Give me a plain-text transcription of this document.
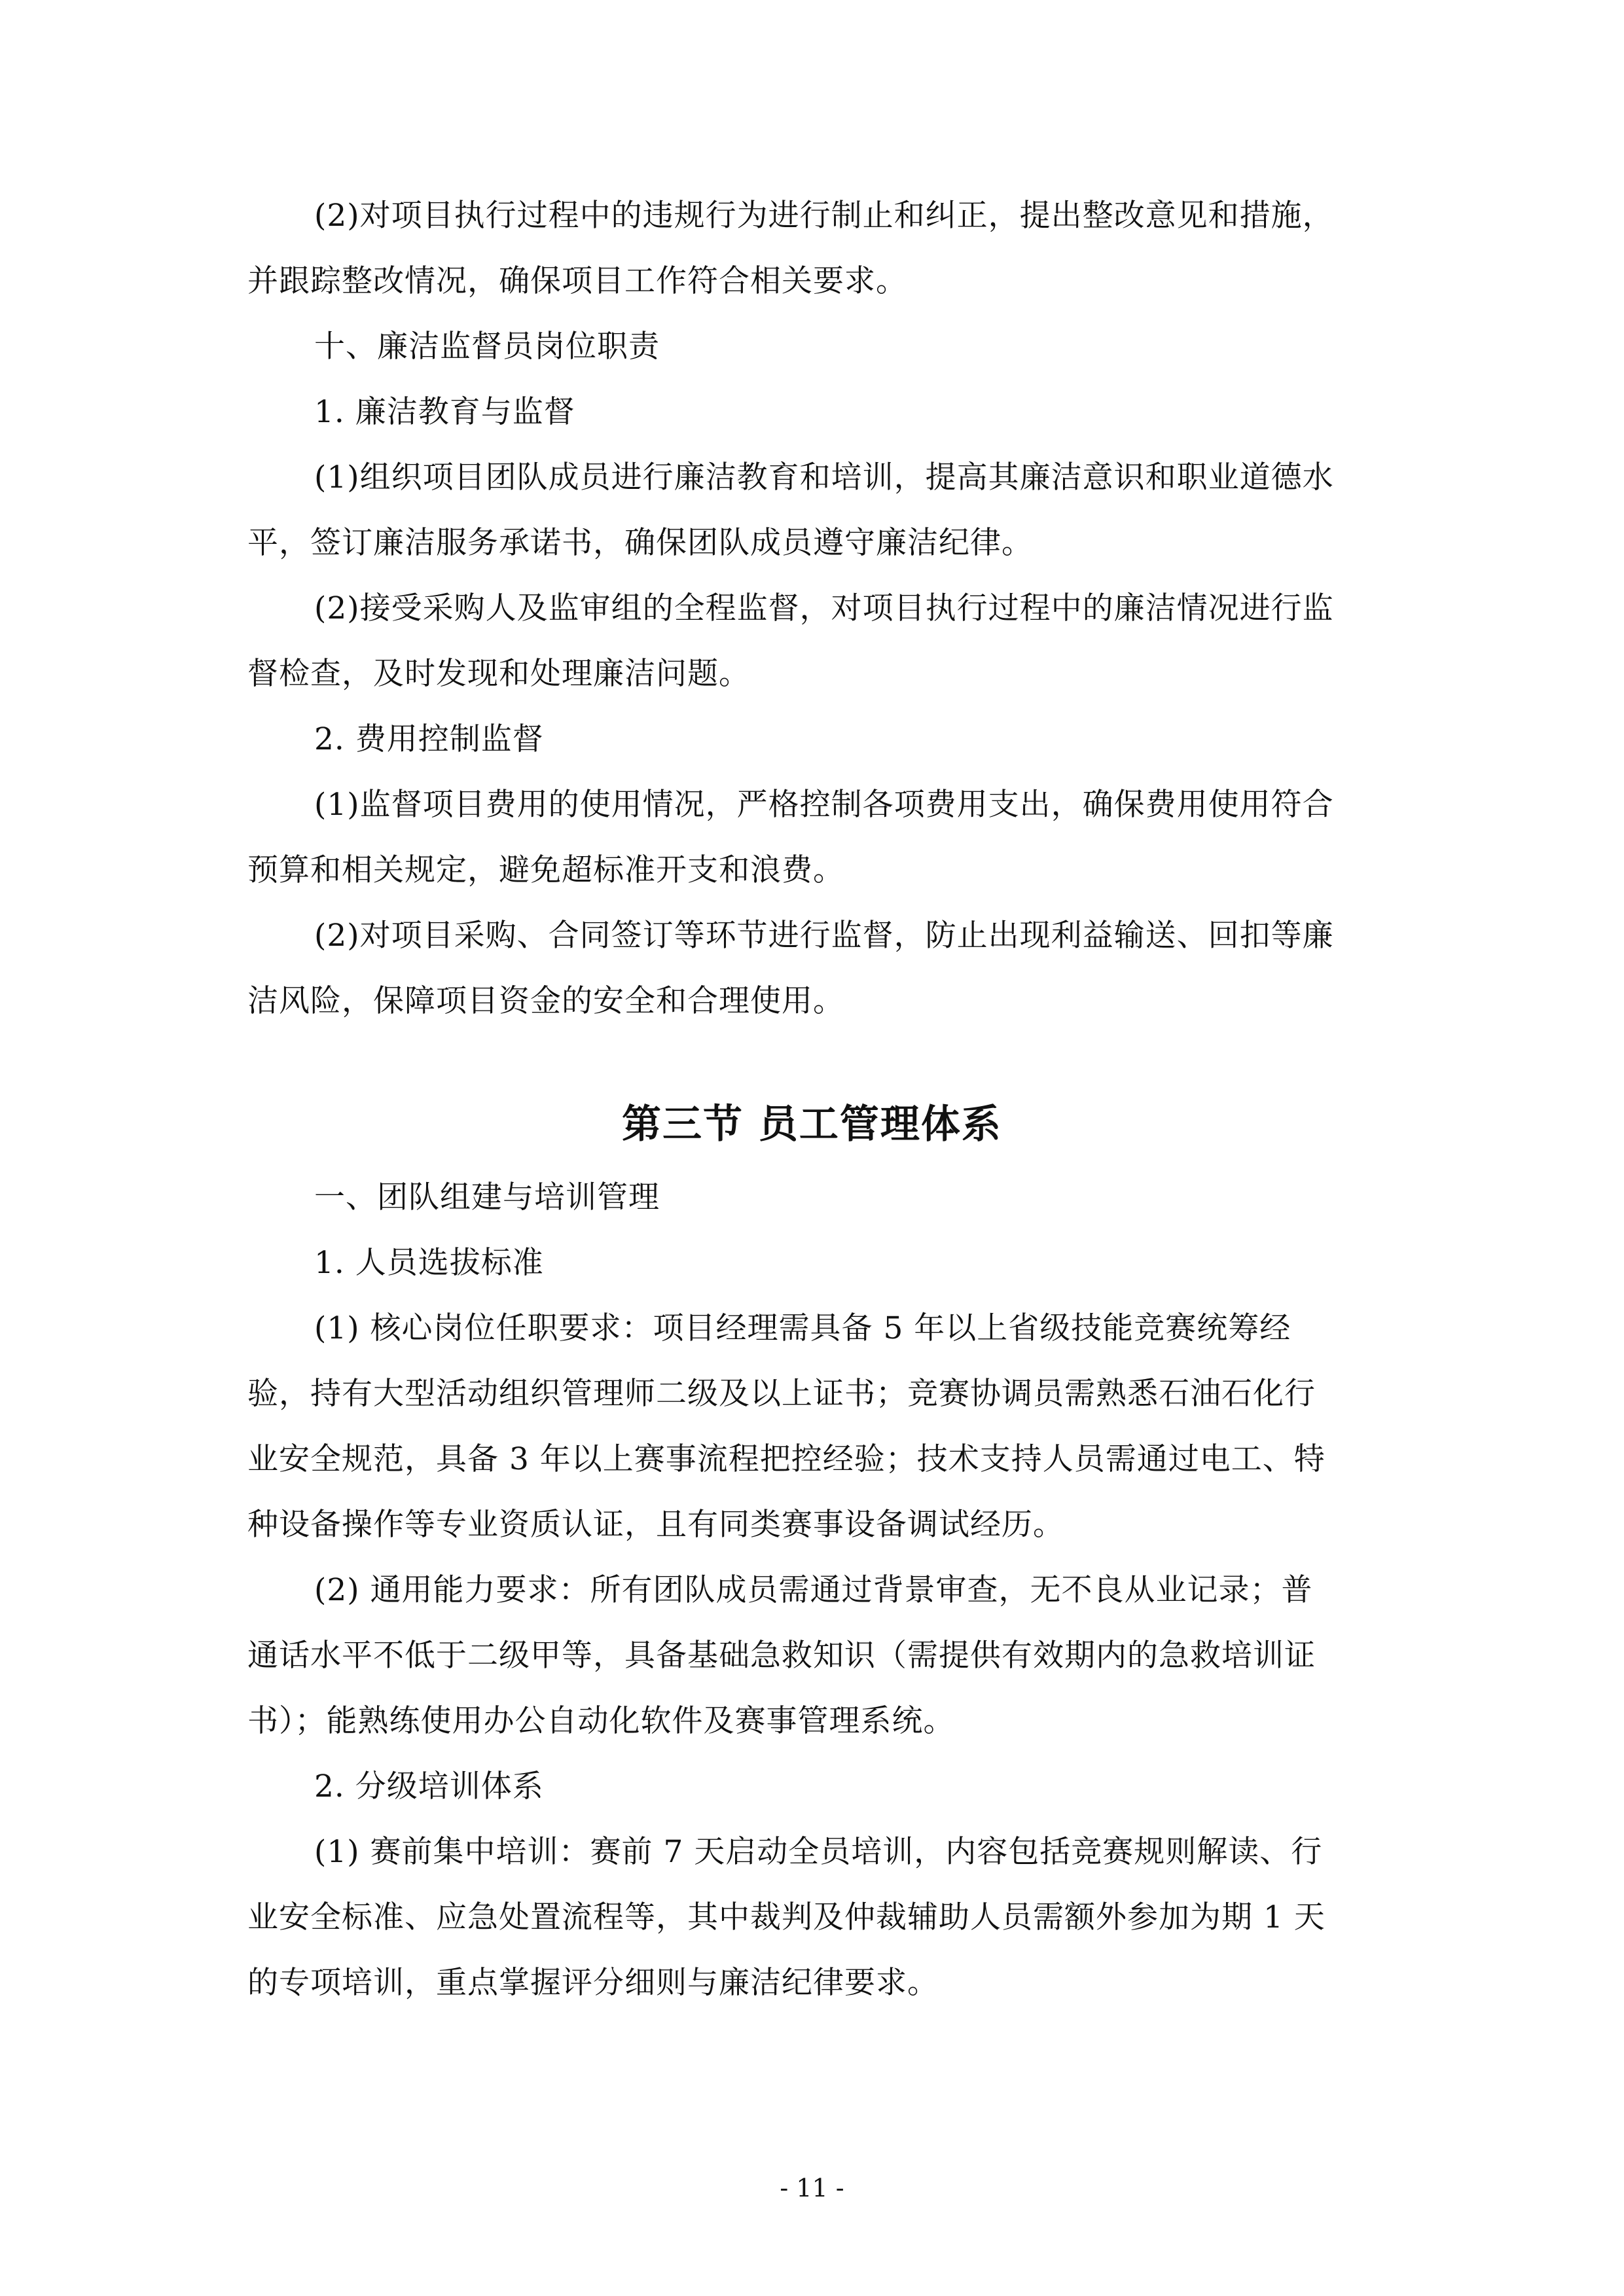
(2)对项目执行过程中的违规行为进行制止和纠正，提出整改意见和措施，
并跟踪整改情况，确保项目工作符合相关要求。
十、廉洁监督员岗位职责
1. 廉洁教育与监督
(1)组织项目团队成员进行廉洁教育和培训，提高其廉洁意识和职业道德水
平，签订廉洁服务承诺书，确保团队成员遵守廉洁纪律。
(2)接受采购人及监审组的全程监督，对项目执行过程中的廉洁情况进行监
督检查，及时发现和处理廉洁问题。
2. 费用控制监督
(1)监督项目费用的使用情况，严格控制各项费用支出，确保费用使用符合
预算和相关规定，避免超标准开支和浪费。
(2)对项目采购、合同签订等环节进行监督，防止出现利益输送、回扣等廉
洁风险，保障项目资金的安全和合理使用。
第三节 员工管理体系
一、团队组建与培训管理
1. 人员选拔标准
(1) 核心岗位任职要求：项目经理需具备 5 年以上省级技能竞赛统筹经
验，持有大型活动组织管理师二级及以上证书；竞赛协调员需熟悉石油石化行
业安全规范，具备 3 年以上赛事流程把控经验；技术支持人员需通过电工、特
种设备操作等专业资质认证，且有同类赛事设备调试经历。
(2) 通用能力要求：所有团队成员需通过背景审查，无不良从业记录；普
通话水平不低于二级甲等，具备基础急救知识（需提供有效期内的急救培训证
书）；能熟练使用办公自动化软件及赛事管理系统。
2. 分级培训体系
(1) 赛前集中培训：赛前 7 天启动全员培训，内容包括竞赛规则解读、行
业安全标准、应急处置流程等，其中裁判及仲裁辅助人员需额外参加为期 1 天
的专项培训，重点掌握评分细则与廉洁纪律要求。
- 11 -
